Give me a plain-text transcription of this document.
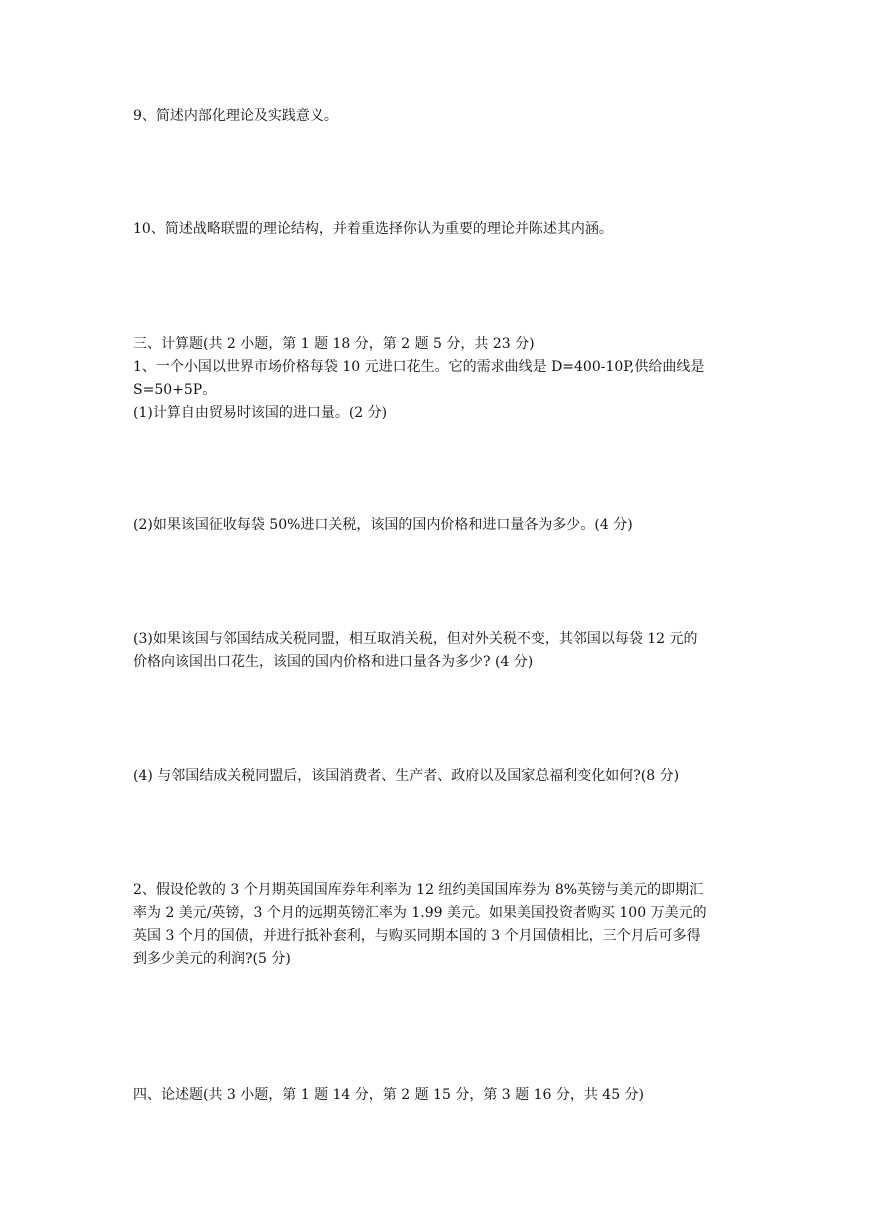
9、简述内部化理论及实践意义。
10、简述战略联盟的理论结构，并着重选择你认为重要的理论并陈述其内涵。
三、计算题(共 2 小题，第 1 题 18 分，第 2 题 5 分，共 23 分)
1、一个小国以世界市场价格每袋 10 元进口花生。它的需求曲线是 D=400-10P,供给曲线是
S=50+5P。
(1)计算自由贸易时该国的进口量。(2 分)
(2)如果该国征收每袋 50%进口关税，该国的国内价格和进口量各为多少。(4 分)
(3)如果该国与邻国结成关税同盟，相互取消关税，但对外关税不变，其邻国以每袋 12 元的
价格向该国出口花生，该国的国内价格和进口量各为多少? (4 分)
(4) 与邻国结成关税同盟后，该国消费者、生产者、政府以及国家总福利变化如何?(8 分)
2、假设伦敦的 3 个月期英国国库券年利率为 12 纽约美国国库券为 8%英镑与美元的即期汇
率为 2 美元/英镑，3 个月的远期英镑汇率为 1.99 美元。如果美国投资者购买 100 万美元的
英国 3 个月的国债，并进行抵补套利，与购买同期本国的 3 个月国债相比，三个月后可多得
到多少美元的利润?(5 分)
四、论述题(共 3 小题，第 1 题 14 分，第 2 题 15 分，第 3 题 16 分，共 45 分)
